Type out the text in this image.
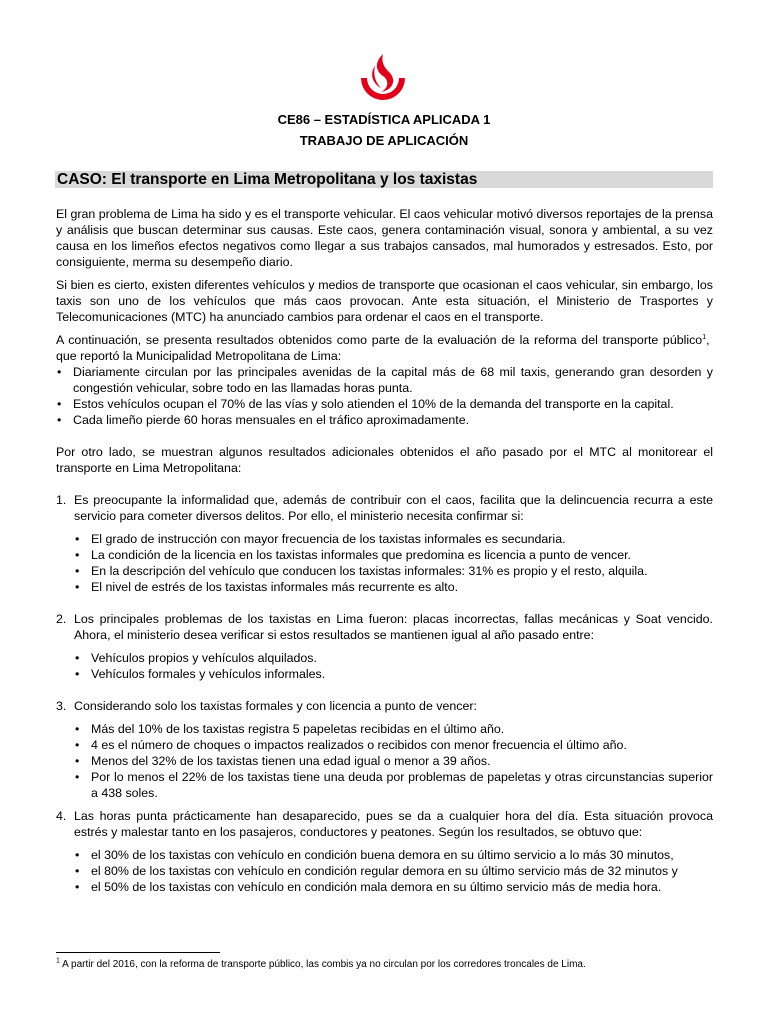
CE86 – ESTADÍSTICA APLICADA 1
TRABAJO DE APLICACIÓN
CASO: El transporte en Lima Metropolitana y los taxistas

El gran problema de Lima ha sido y es el transporte vehicular. El caos vehicular motivó diversos reportajes de la prensa y análisis que buscan determinar sus causas. Este caos, genera contaminación visual, sonora y ambiental, a su vez causa en los limeños efectos negativos como llegar a sus trabajos cansados, mal humorados y estresados. Esto, por consiguiente, merma su desempeño diario.

Si bien es cierto, existen diferentes vehículos y medios de transporte que ocasionan el caos vehicular, sin embargo, los taxis son uno de los vehículos que más caos provocan. Ante esta situación, el Ministerio de Trasportes y Telecomunicaciones (MTC) ha anunciado cambios para ordenar el caos en el transporte.

A continuación, se presenta resultados obtenidos como parte de la evaluación de la reforma del transporte público$^1$,  que reportó la Municipalidad Metropolitana de Lima:

• Diariamente circulan por las principales avenidas de la capital más de 68 mil taxis, generando gran desorden y congestión vehicular, sobre todo en las llamadas horas punta.
• Estos vehículos ocupan el 70% de las vías y solo atienden el 10% de la demanda del transporte en la capital.
• Cada limeño pierde 60 horas mensuales en el tráfico aproximadamente.

Por otro lado, se muestran algunos resultados adicionales obtenidos el año pasado por el MTC al monitorear el transporte en Lima Metropolitana:

1. Es preocupante la informalidad que, además de contribuir con el caos, facilita que la delincuencia recurra a este servicio para cometer diversos delitos. Por ello, el ministerio necesita confirmar si:

• El grado de instrucción con mayor frecuencia de los taxistas informales es secundaria.
• La condición de la licencia en los taxistas informales que predomina es licencia a punto de vencer.
• En la descripción del vehículo que conducen los taxistas informales: 31% es propio y el resto, alquila.
• El nivel de estrés de los taxistas informales más recurrente es alto.
2. Los principales problemas de los taxistas en Lima fueron: placas incorrectas, fallas mecánicas y Soat vencido. Ahora, el ministerio desea verificar si estos resultados se mantienen igual al año pasado entre:

• Vehículos propios y vehículos alquilados.
• Vehículos formales y vehículos informales.
3. Considerando solo los taxistas formales y con licencia a punto de vencer:

• Más del 10% de los taxistas registra 5 papeletas recibidas en el último año.
• 4 es el número de choques o impactos realizados o recibidos con menor frecuencia el último año.
• Menos del 32% de los taxistas tienen una edad igual o menor a 39 años.
• Por lo menos el 22% de los taxistas tiene una deuda por problemas de papeletas y otras circunstancias superior a 438 soles.
4. Las horas punta prácticamente han desaparecido, pues se da a cualquier hora del día. Esta situación provoca estrés y malestar tanto en los pasajeros, conductores y peatones. Según los resultados, se obtuvo que:

• el 30% de los taxistas con vehículo en condición buena demora en su último servicio a lo más 30 minutos,
• el 80% de los taxistas con vehículo en condición regular demora en su último servicio más de 32 minutos y
• el 50% de los taxistas con vehículo en condición mala demora en su último servicio más de media hora.
$^1$ A partir del 2016, con la reforma de transporte público, las combis ya no circulan por los corredores troncales de Lima.
